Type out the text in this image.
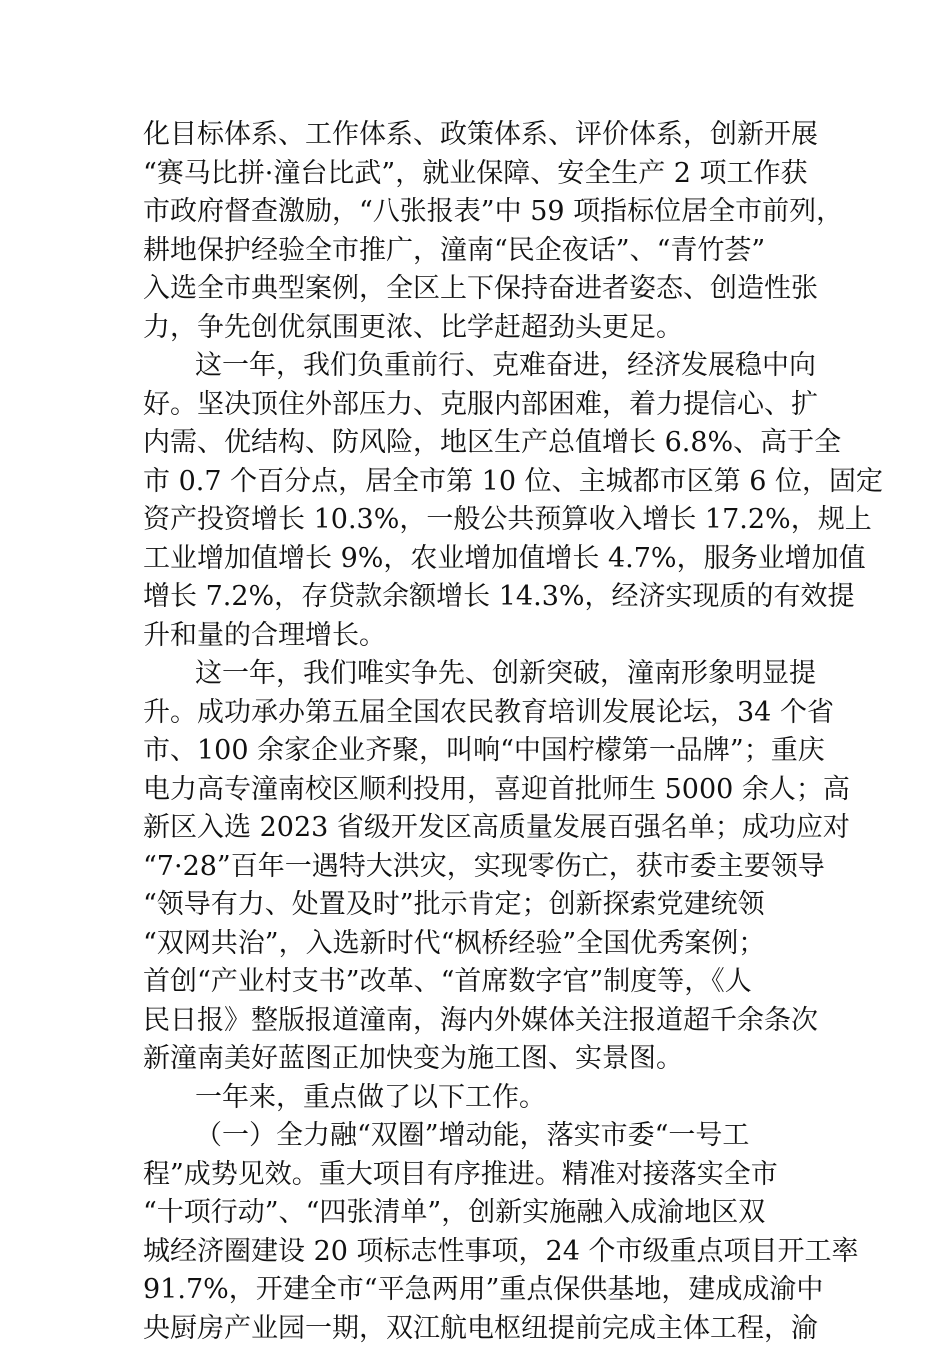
化目标体系、工作体系、政策体系、评价体系，创新开展
“赛马比拼·潼台比武”，就业保障、安全生产 2 项工作获
市政府督查激励，“八张报表”中 59 项指标位居全市前列，
耕地保护经验全市推广，潼南“民企夜话”、“青竹荟”
入选全市典型案例，全区上下保持奋进者姿态、创造性张
力，争先创优氛围更浓、比学赶超劲头更足。
这一年，我们负重前行、克难奋进，经济发展稳中向
好。坚决顶住外部压力、克服内部困难，着力提信心、扩
内需、优结构、防风险，地区生产总值增长 6.8%、高于全
市 0.7 个百分点，居全市第 10 位、主城都市区第 6 位，固定
资产投资增长 10.3%，一般公共预算收入增长 17.2%，规上
工业增加值增长 9%，农业增加值增长 4.7%，服务业增加值
增长 7.2%，存贷款余额增长 14.3%，经济实现质的有效提
升和量的合理增长。
这一年，我们唯实争先、创新突破，潼南形象明显提
升。成功承办第五届全国农民教育培训发展论坛，34 个省
市、100 余家企业齐聚，叫响“中国柠檬第一品牌”；重庆
电力高专潼南校区顺利投用，喜迎首批师生 5000 余人；高
新区入选 2023 省级开发区高质量发展百强名单；成功应对
“7·28”百年一遇特大洪灾，实现零伤亡，获市委主要领导
“领导有力、处置及时”批示肯定；创新探索党建统领
“双网共治”，入选新时代“枫桥经验”全国优秀案例；
首创“产业村支书”改革、“首席数字官”制度等，《人
民日报》整版报道潼南，海内外媒体关注报道超千余条次
新潼南美好蓝图正加快变为施工图、实景图。
一年来，重点做了以下工作。
（一）全力融“双圈”增动能，落实市委“一号工
程”成势见效。重大项目有序推进。精准对接落实全市
“十项行动”、“四张清单”，创新实施融入成渝地区双
城经济圈建设 20 项标志性事项，24 个市级重点项目开工率
91.7%，开建全市“平急两用”重点保供基地，建成成渝中
央厨房产业园一期，双江航电枢纽提前完成主体工程，渝
